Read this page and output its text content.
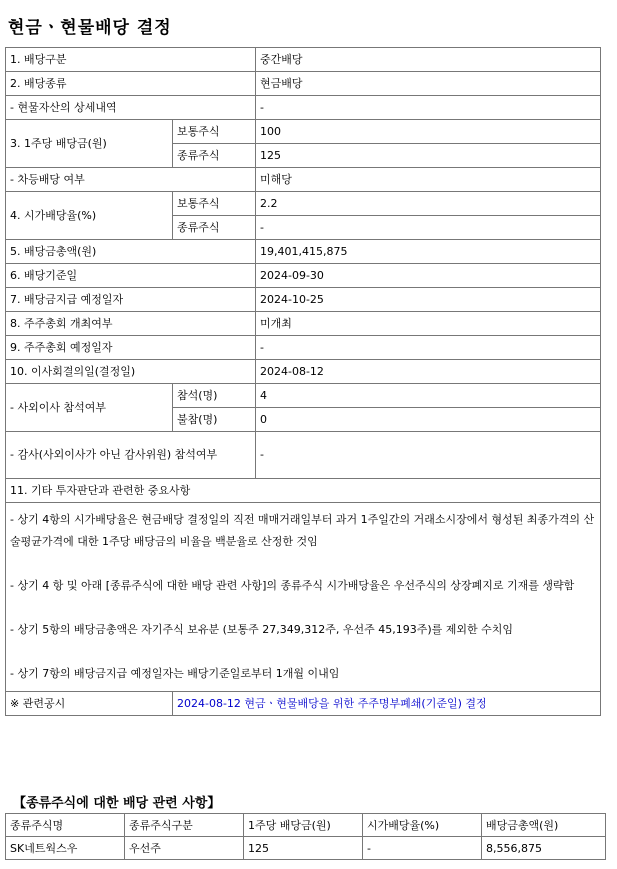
현금ㆍ현물배당 결정
1. 배당구분		중간배당
2. 배당종류		현금배당
- 현물자산의 상세내역		-
3. 1주당 배당금(원)	보통주식	100
	종류주식	125
- 차등배당 여부		미해당
4. 시가배당율(%)	보통주식	2.2
	종류주식	-
5. 배당금총액(원)		19,401,415,875
6. 배당기준일		2024-09-30
7. 배당금지급 예정일자		2024-10-25
8. 주주총회 개최여부		미개최
9. 주주총회 예정일자		-
10. 이사회결의일(결정일)		2024-08-12
- 사외이사 참석여부	참석(명)	4
	불참(명)	0
- 감사(사외이사가 아닌 감사위원) 참석여부		-
11. 기타 투자판단과 관련한 중요사항		

- 상기 4항의 시가배당율은 현금배당 결정일의 직전 매매거래일부터 과거 1주일간의 거래소시장에서 형성된 최종가격의 산술평균가격에 대한 1주당 배당금의 비율을 백분율로 산정한 것임
- 상기 4 항 및 아래 [종류주식에 대한 배당 관련 사항]의 종류주식 시가배당율은 우선주식의 상장폐지로 기재를 생략함
- 상기 5항의 배당금총액은 자기주식 보유분 (보통주 27,349,312주, 우선주 45,193주)를 제외한 수치임
- 상기 7항의 배당금지급 예정일자는 배당기준일로부터 1개월 이내임		

※ 관련공시	2024-08-12 현금ㆍ현물배당을 위한 주주명부폐쇄(기준일) 결정	
【종류주식에 대한 배당 관련 사항】
종류주식명	종류주식구분	1주당 배당금(원)	시가배당율(%)	배당금총액(원)
SK네트웍스우	우선주	125	-	8,556,875
